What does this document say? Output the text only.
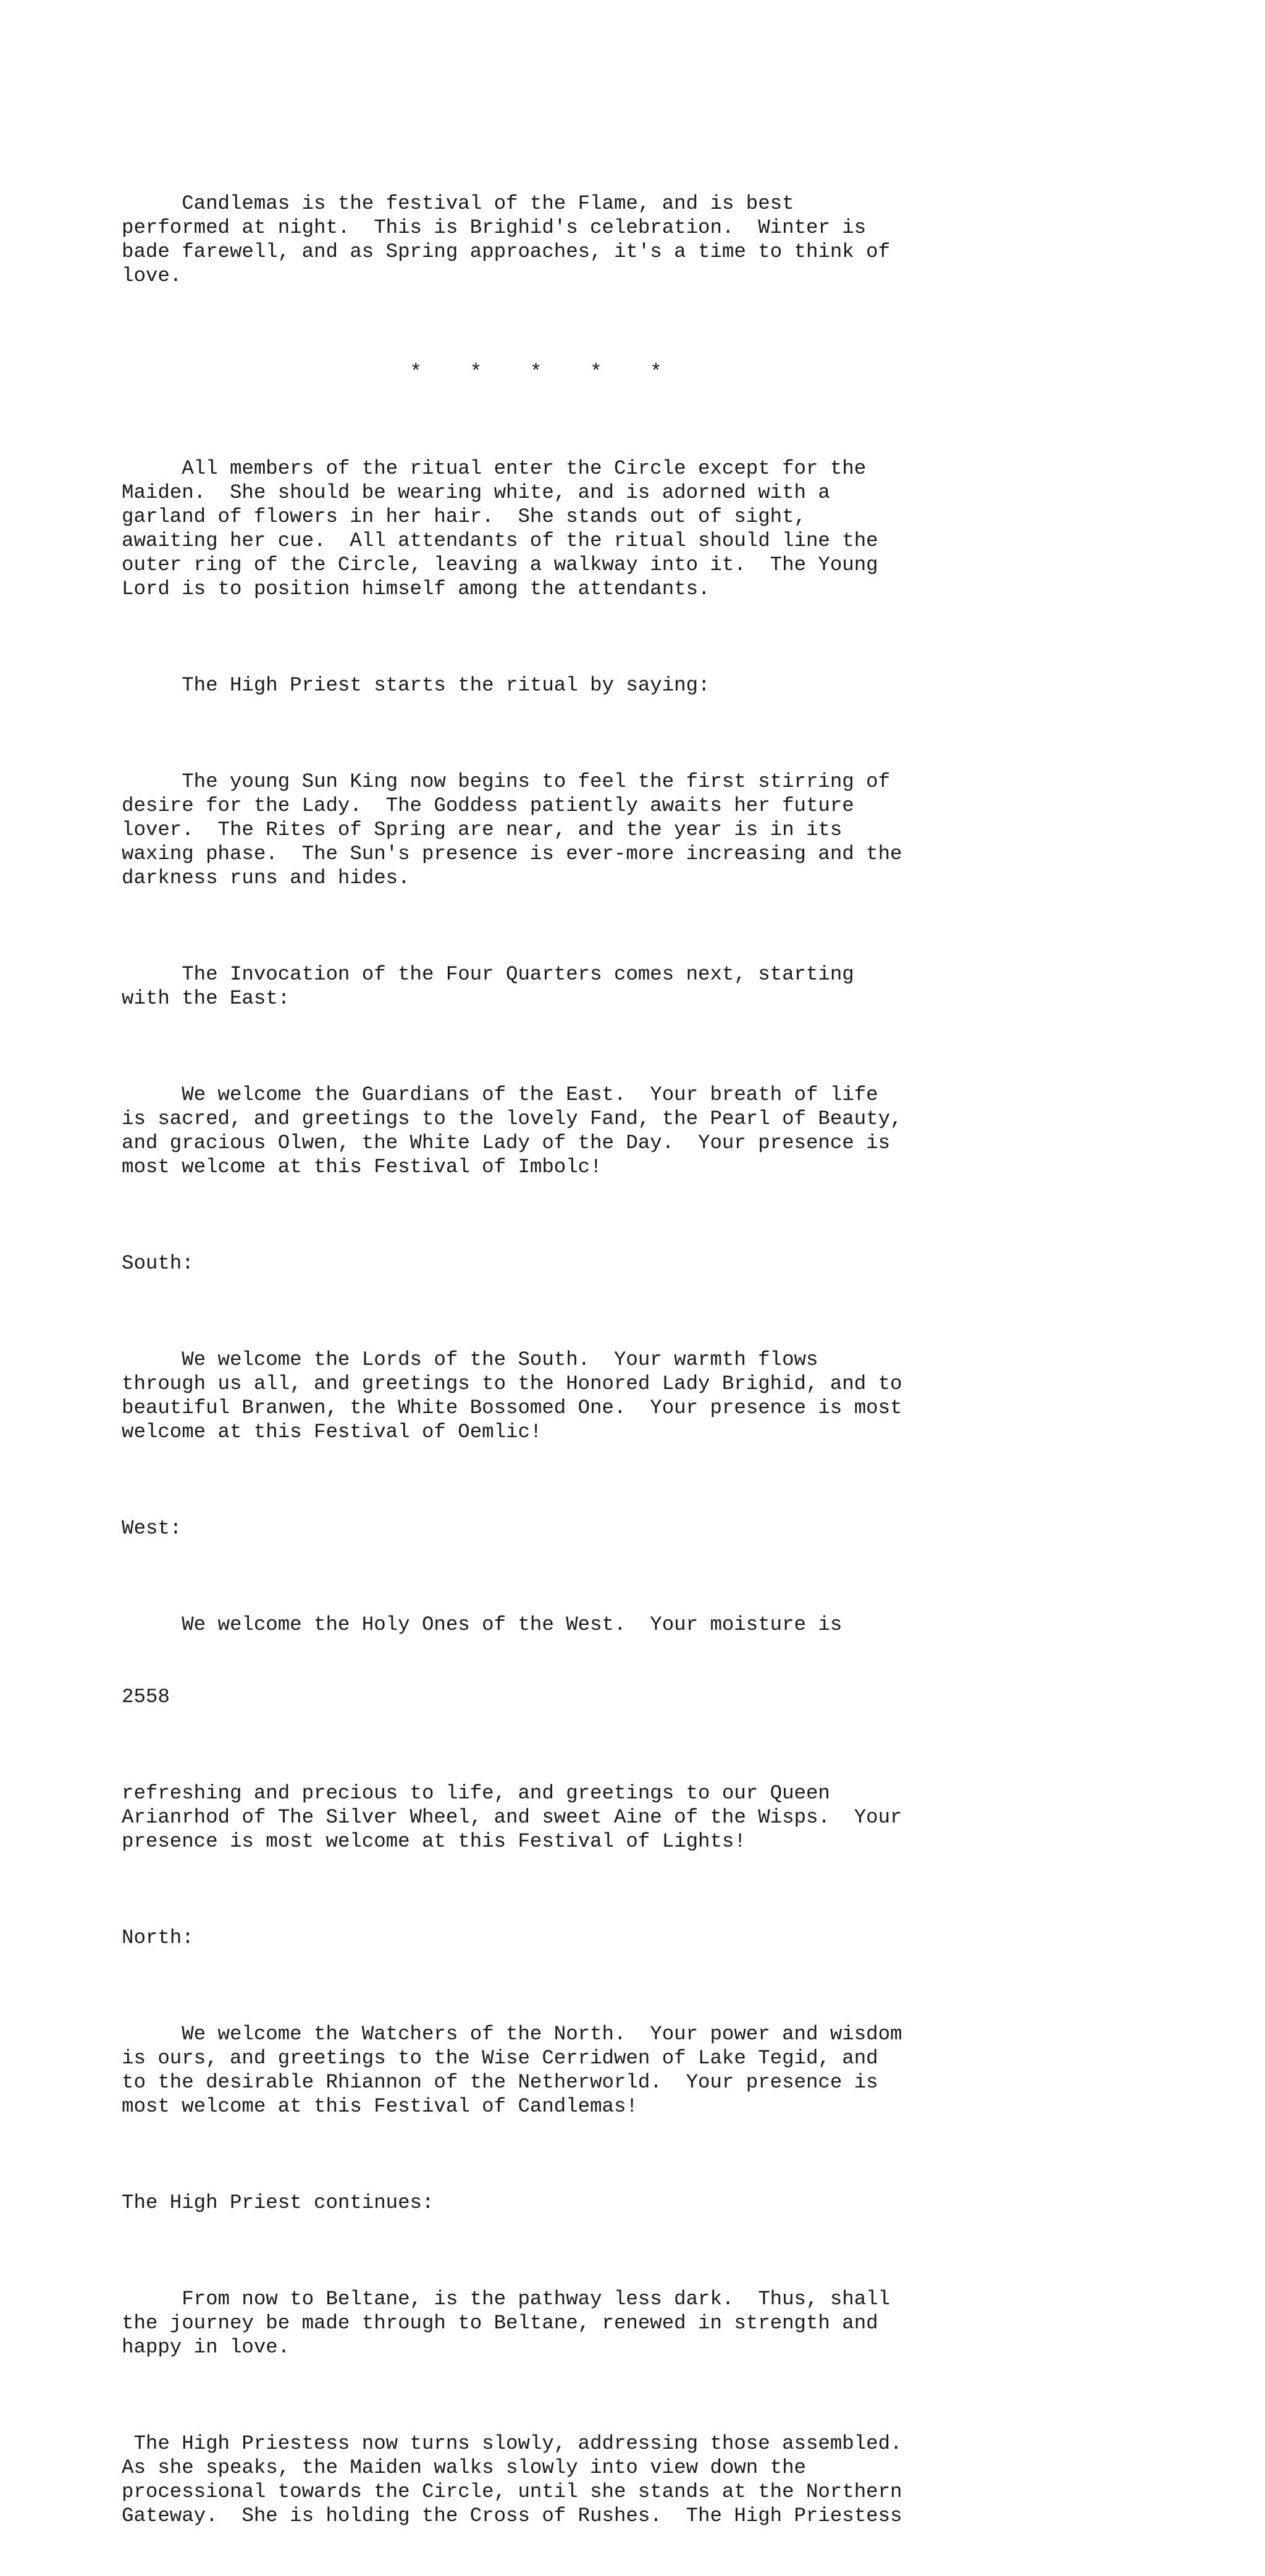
Candlemas is the festival of the Flame, and is best
performed at night.  This is Brighid's celebration.  Winter is
bade farewell, and as Spring approaches, it's a time to think of
love.

*    *    *    *    *

All members of the ritual enter the Circle except for the
Maiden.  She should be wearing white, and is adorned with a
garland of flowers in her hair.  She stands out of sight,
awaiting her cue.  All attendants of the ritual should line the
outer ring of the Circle, leaving a walkway into it.  The Young
Lord is to position himself among the attendants.

The High Priest starts the ritual by saying:

The young Sun King now begins to feel the first stirring of
desire for the Lady.  The Goddess patiently awaits her future
lover.  The Rites of Spring are near, and the year is in its
waxing phase.  The Sun's presence is ever-more increasing and the
darkness runs and hides.

The Invocation of the Four Quarters comes next, starting
with the East:

We welcome the Guardians of the East.  Your breath of life
is sacred, and greetings to the lovely Fand, the Pearl of Beauty,
and gracious Olwen, the White Lady of the Day.  Your presence is
most welcome at this Festival of Imbolc!

South:

We welcome the Lords of the South.  Your warmth flows
through us all, and greetings to the Honored Lady Brighid, and to
beautiful Branwen, the White Bossomed One.  Your presence is most
welcome at this Festival of Oemlic!

West:

We welcome the Holy Ones of the West.  Your moisture is

2558

refreshing and precious to life, and greetings to our Queen
Arianrhod of The Silver Wheel, and sweet Aine of the Wisps.  Your
presence is most welcome at this Festival of Lights!

North:

We welcome the Watchers of the North.  Your power and wisdom
is ours, and greetings to the Wise Cerridwen of Lake Tegid, and
to the desirable Rhiannon of the Netherworld.  Your presence is
most welcome at this Festival of Candlemas!

The High Priest continues:

From now to Beltane, is the pathway less dark.  Thus, shall
the journey be made through to Beltane, renewed in strength and
happy in love.

The High Priestess now turns slowly, addressing those assembled.
As she speaks, the Maiden walks slowly into view down the
processional towards the Circle, until she stands at the Northern
Gateway.  She is holding the Cross of Rushes.  The High Priestess
